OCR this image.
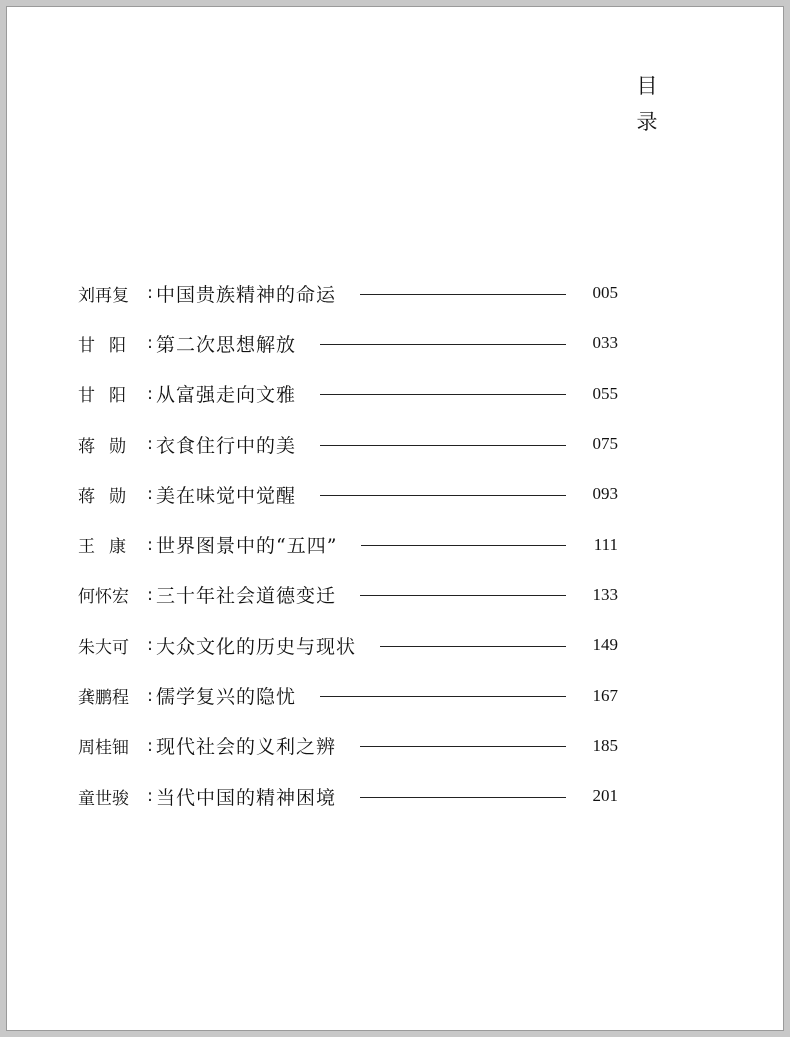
目
录
刘再复	: 中国贵族精神的命运	005
甘阳 : 第二次思想解放	033
甘阳 : 从富强走向文雅	055
蒋勋 : 衣食住行中的美	075
蒋勋 : 美在味觉中觉醒	093
王康 : 世界图景中的“五四”	111
何怀宏	: 三十年社会道德变迁	133
朱大可	: 大众文化的历史与现状	149
龚鹏程	: 儒学复兴的隐忧	167
周桂钿	: 现代社会的义利之辨	185
童世骏	: 当代中国的精神困境	201
